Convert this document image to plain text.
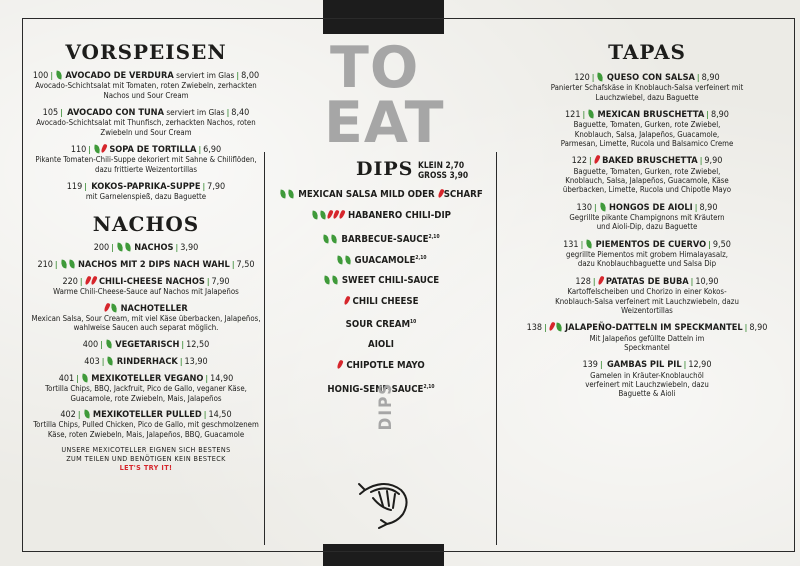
TO
EAT
VORSPEISEN
100 | AVOCADO DE VERDURA serviert im Glas | 8,00
Avocado-Schichtsalat mit Tomaten, roten Zwiebeln, zerhackten Nachos und Sour Cream
105 | AVOCADO CON TUNA serviert im Glas | 8,40
Avocado-Schichtsalat mit Thunfisch, zerhackten Nachos, roten Zwiebeln und Sour Cream
110 | SOPA DE TORTILLA | 6,90
Pikante Tomaten-Chili-Suppe dekoriert mit Sahne & Chiliflöden, dazu frittierte Weizentortillas
119 | KOKOS-PAPRIKA-SUPPE | 7,90
mit Garnelenspieß, dazu Baguette
NACHOS
200 | NACHOS | 3,90
210 | NACHOS MIT 2 DIPS NACH WAHL | 7,50
220 | CHILI-CHEESE NACHOS | 7,90
Warme Chili-Cheese-Sauce auf Nachos mit Jalapeños
NACHOTELLER
Mexican Salsa, Sour Cream, mit viel Käse überbacken, Jalapeños, wahlweise Saucen auch separat möglich.
400 | VEGETARISCH | 12,50
403 | RINDERHACK | 13,90
401 | MEXIKOTELLER VEGANO | 14,90
Tortilla Chips, BBQ, Jackfruit, Pico de Gallo, veganer Käse, Guacamole, rote Zwiebeln, Mais, Jalapeños
402 | MEXIKOTELLER PULLED | 14,50
Tortilla Chips, Pulled Chicken, Pico de Gallo, mit geschmolzenem Käse, roten Zwiebeln, Mais, Jalapeños, BBQ, Guacamole
UNSERE MEXICOTELLER EIGNEN SICH BESTENS
ZUM TEILEN UND BENÖTIGEN KEIN BESTECK
LET'S TRY IT!
DIPS KLEIN 2,70
GROSS 3,90
MEXICAN SALSA MILD ODER SCHARF
HABANERO CHILI-DIP
BARBECUE-SAUCE$^{2,10}$
GUACAMOLE$^{2,10}$
SWEET CHILI-SAUCE
CHILI CHEESE
SOUR CREAM$^{10}$
AIOLI
CHIPOTLE MAYO
HONIG-SENF-SAUCE$^{2,10}$
DIPS
TAPAS
120 | QUESO CON SALSA | 8,90
Panierter Schafskäse in Knoblauch-Salsa verfeinert mit Lauchzwiebel, dazu Baguette
121 | MEXICAN BRUSCHETTA | 8,90
Baguette, Tomaten, Gurken, rote Zwiebel, Knoblauch, Salsa, Jalapeños, Guacamole, Parmesan, Limette, Rucola und Balsamico Creme
122 | BAKED BRUSCHETTA | 9,90
Baguette, Tomaten, Gurken, rote Zwiebel, Knoblauch, Salsa, Jalapeños, Guacamole, Käse überbacken, Limette, Rucola und Chipotle Mayo
130 | HONGOS DE AIOLI | 8,90
Gegrillte pikante Champignons mit Kräutern und Aioli-Dip, dazu Baguette
131 | PIEMENTOS DE CUERVO | 9,50
gegrillte Piementos mit grobem Himalayasalz, dazu Knoblauchbaguette und Salsa Dip
128 | PATATAS DE BUBA | 10,90
Kartoffelscheiben und Chorizo in einer Kokos-Knoblauch-Salsa verfeinert mit Lauchzwiebeln, dazu Weizentortillas
138 | JALAPEÑO-DATTELN IM SPECKMANTEL | 8,90
Mit Jalapeños gefüllte Datteln im Speckmantel
139 | GAMBAS PIL PIL | 12,90
Gamelen in Kräuter-Knoblauchöl verfeinert mit Lauchzwiebeln, dazu Baguette & Aioli
